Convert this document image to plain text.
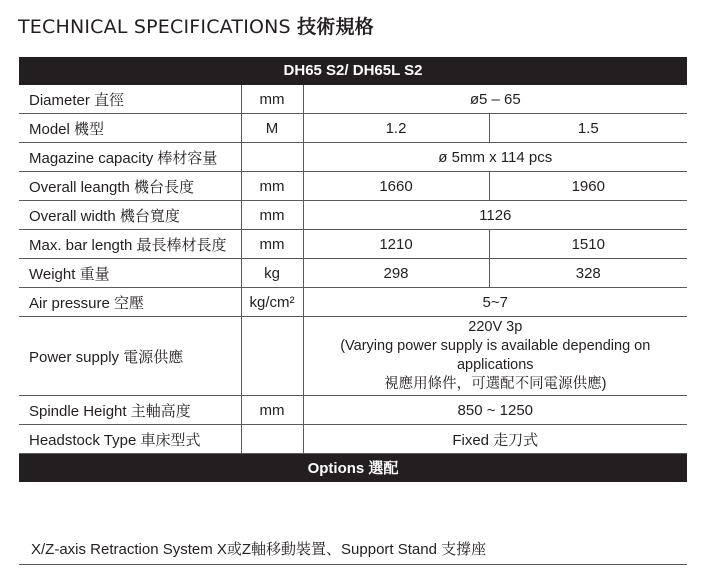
TECHNICAL SPECIFICATIONS 技術規格
DH65 S2/ DH65L S2			
Diameter 直徑	mm	ø5 – 65	
Model 機型	M	1.2	1.5
Magazine capacity 棒材容量		ø 5mm x 114 pcs	
Overall leangth 機台長度	mm	1660	1960
Overall width 機台寬度	mm	1126	
Max. bar length 最長棒材長度	mm	1210	1510
Weight 重量	kg	298	328
Air pressure 空壓	kg/cm²	5~7	
Power supply 電源供應		220V 3p
(Varying power supply is available depending on applications
視應用條件，可選配不同電源供應)	

Spindle Height 主軸高度	mm	850 ~ 1250	
Headstock Type 車床型式		Fixed 走刀式	
Options 選配			
X/Z-axis Retraction System X或Z軸移動裝置、Support Stand 支撐座
